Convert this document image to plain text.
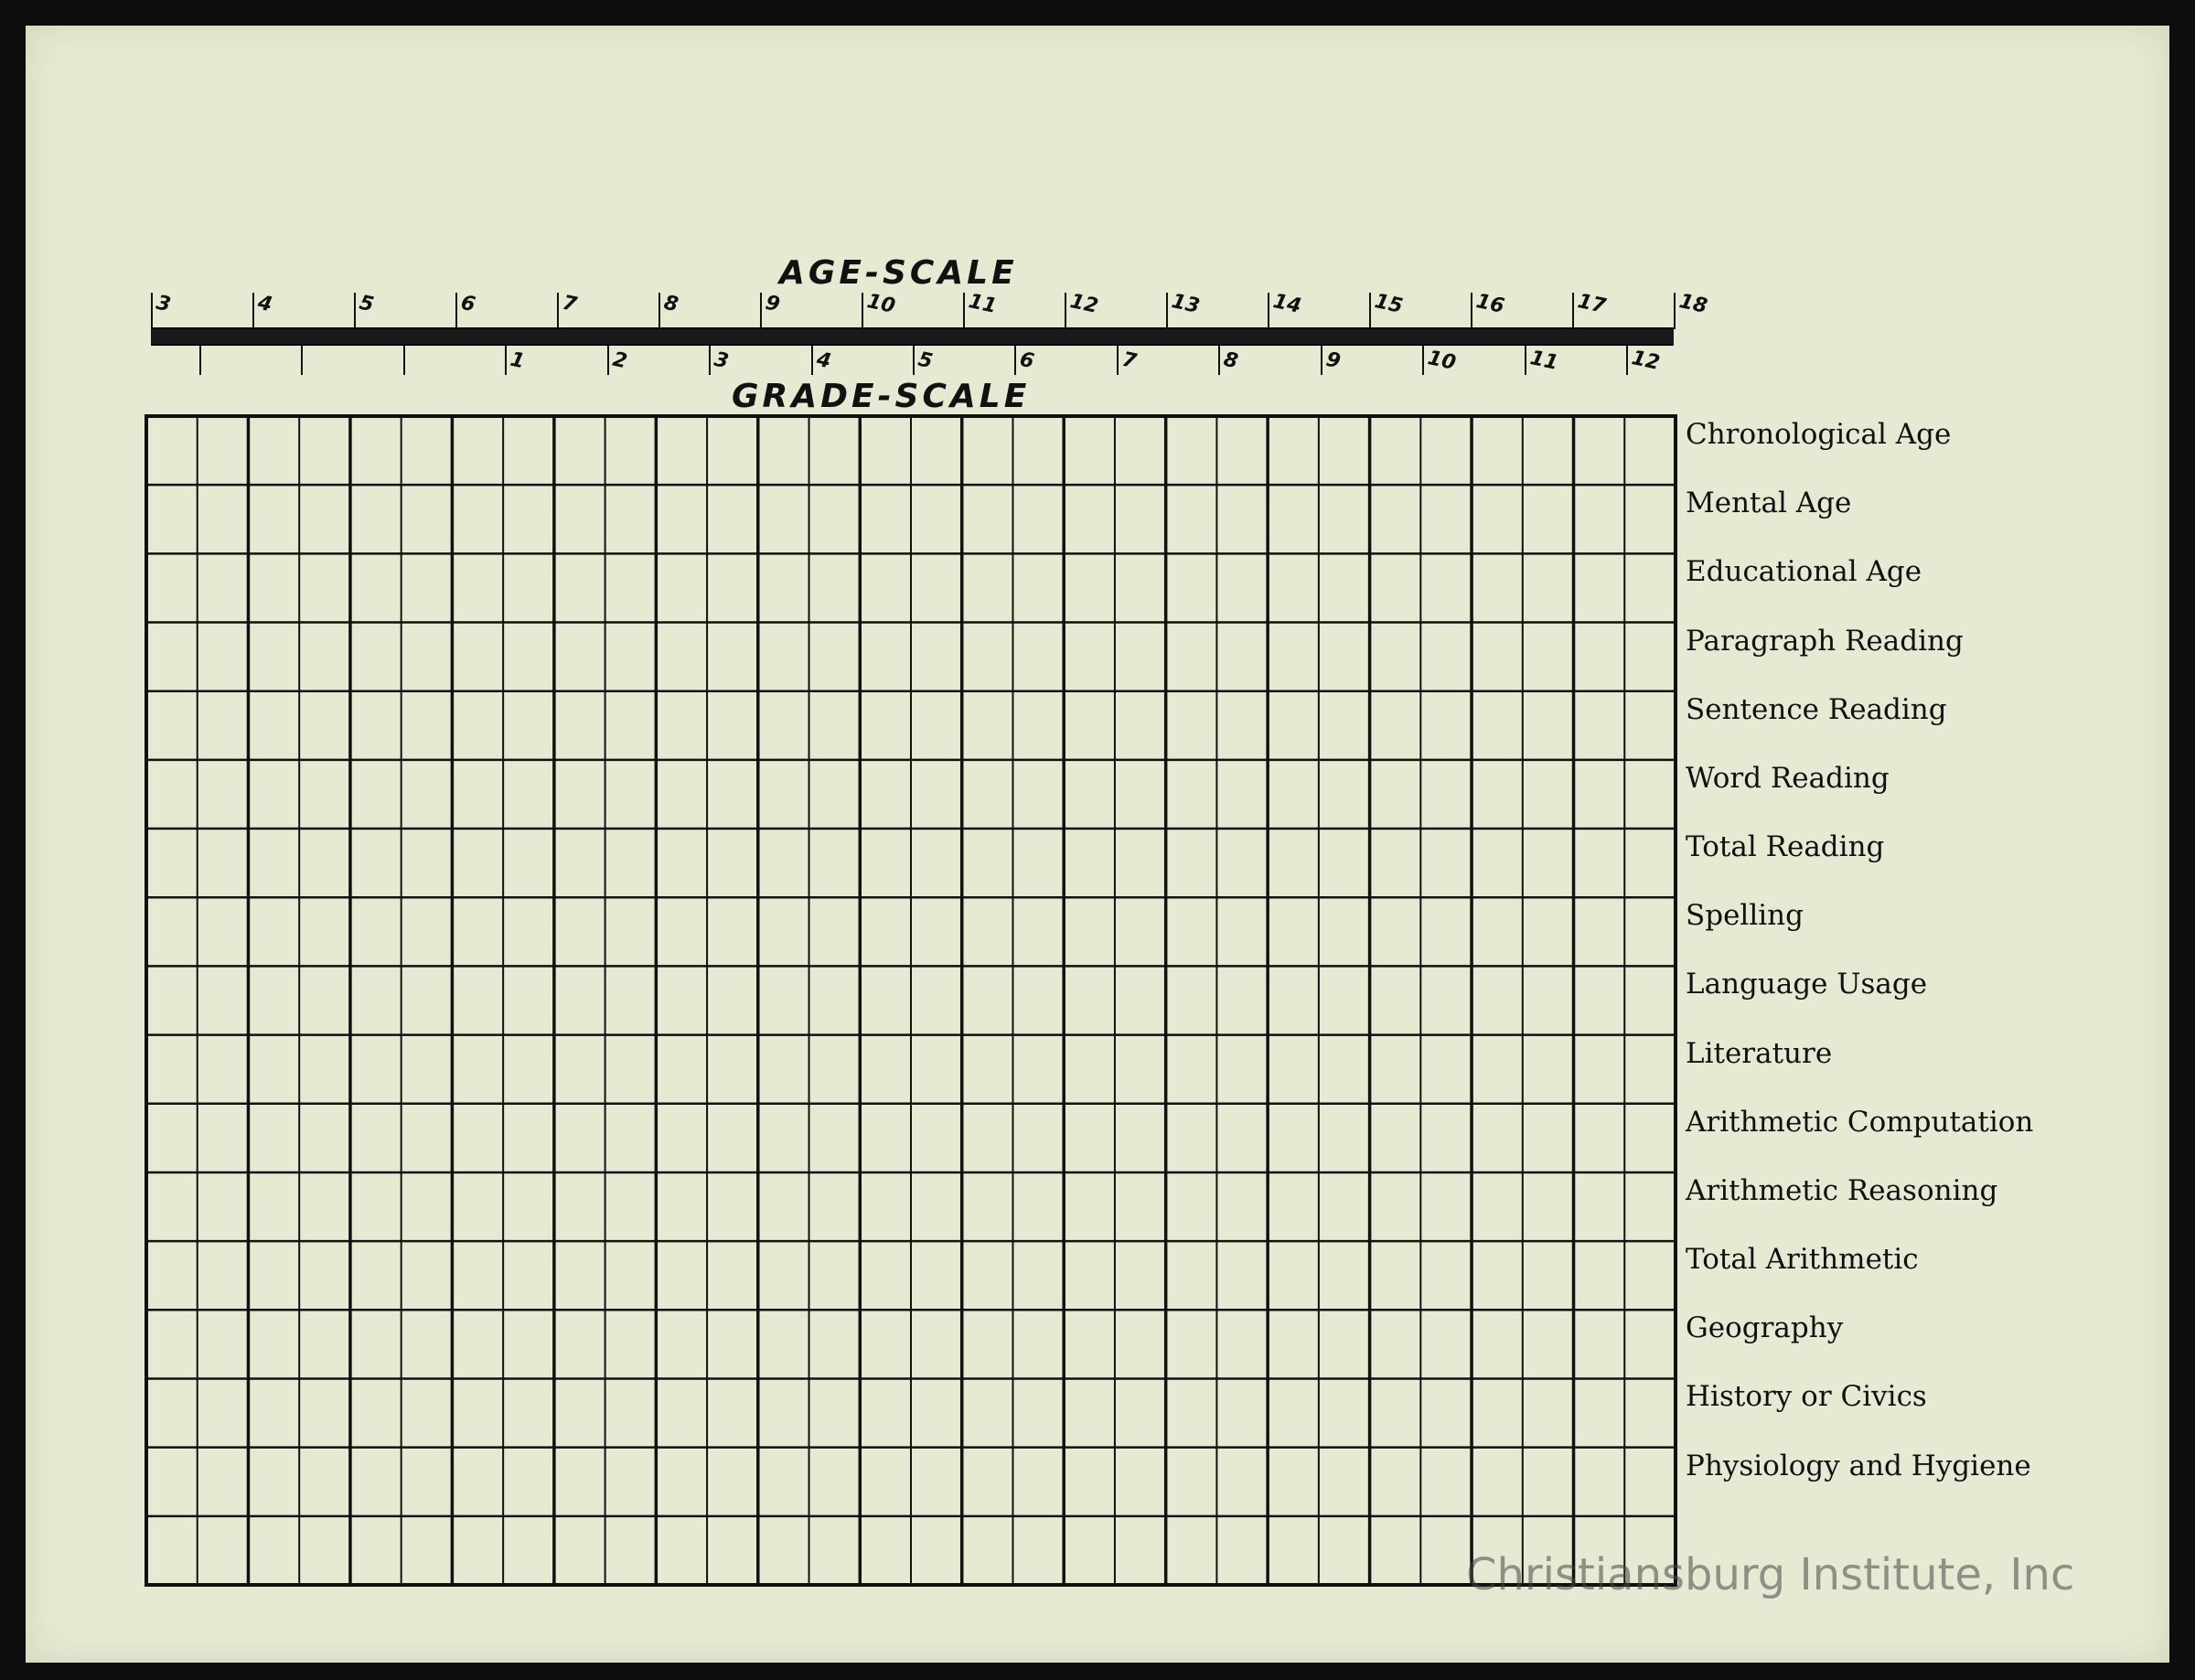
AGE-SCALE
3	4	5	6	7	8	9	10	11	12	13	14	15	16	17	18
1	2	3	4	5	6	7	8	9	10	11	12
GRADE-SCALE
Chronological Age
Mental Age
Educational Age
Paragraph Reading
Sentence Reading
Word Reading
Total Reading
Spelling
Language Usage
Literature
Arithmetic Computation
Arithmetic Reasoning
Total Arithmetic
Geography
History or Civics
Physiology and Hygiene
Christiansburg Institute, Inc
